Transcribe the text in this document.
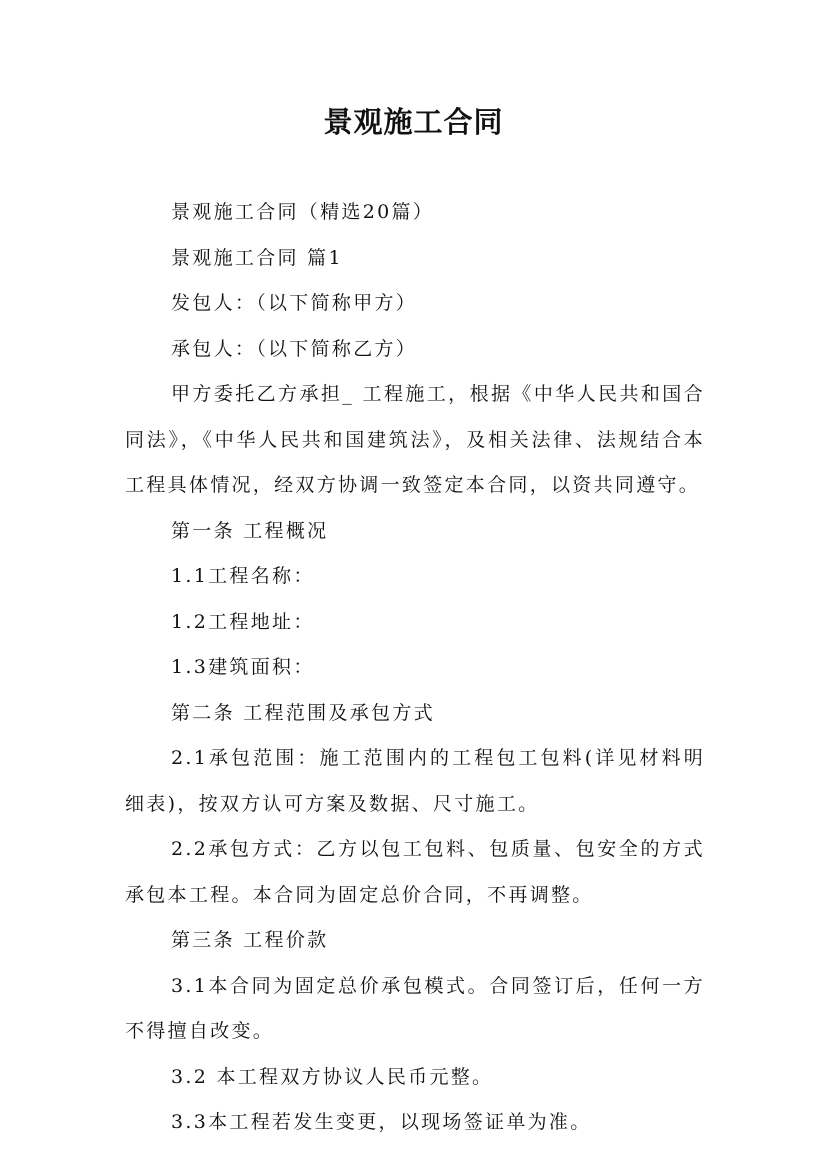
景观施工合同

景观施工合同（精选20篇）

景观施工合同 篇1

发包人：（以下简称甲方）

承包人：（以下简称乙方）

甲方委托乙方承担_ 工程施工，根据《中华人民共和国合同法》，《中华人民共和国建筑法》，及相关法律、法规结合本工程具体情况，经双方协调一致签定本合同，以资共同遵守。

第一条 工程概况

1.1工程名称：

1.2工程地址：

1.3建筑面积：

第二条 工程范围及承包方式

2.1承包范围：施工范围内的工程包工包料(详见材料明细表)，按双方认可方案及数据、尺寸施工。

2.2承包方式：乙方以包工包料、包质量、包安全的方式承包本工程。本合同为固定总价合同，不再调整。

第三条 工程价款

3.1本合同为固定总价承包模式。合同签订后，任何一方不得擅自改变。

3.2 本工程双方协议人民币元整。

3.3本工程若发生变更，以现场签证单为准。
